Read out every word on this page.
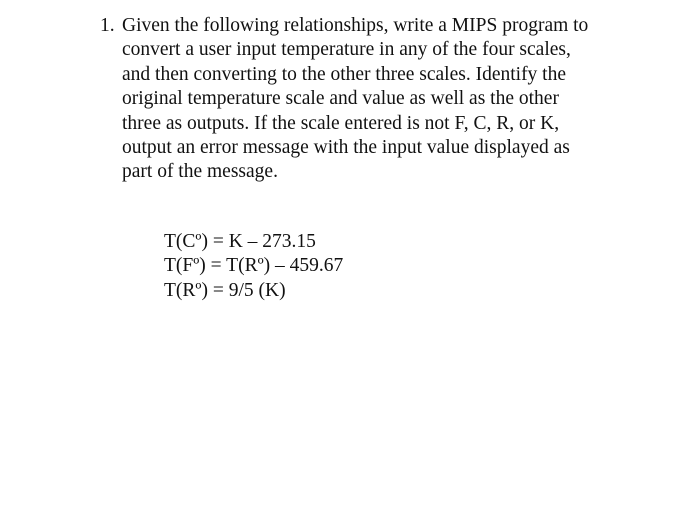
1. Given the following relationships, write a MIPS program to
convert a user input temperature in any of the four scales,
and then converting to the other three scales. Identify the
original temperature scale and value as well as the other
three as outputs. If the scale entered is not F, C, R, or K,
output an error message with the input value displayed as
part of the message.
T(Cº) = K – 273.15
T(Fº) = T(Rº) – 459.67
T(Rº) = 9/5 (K)
